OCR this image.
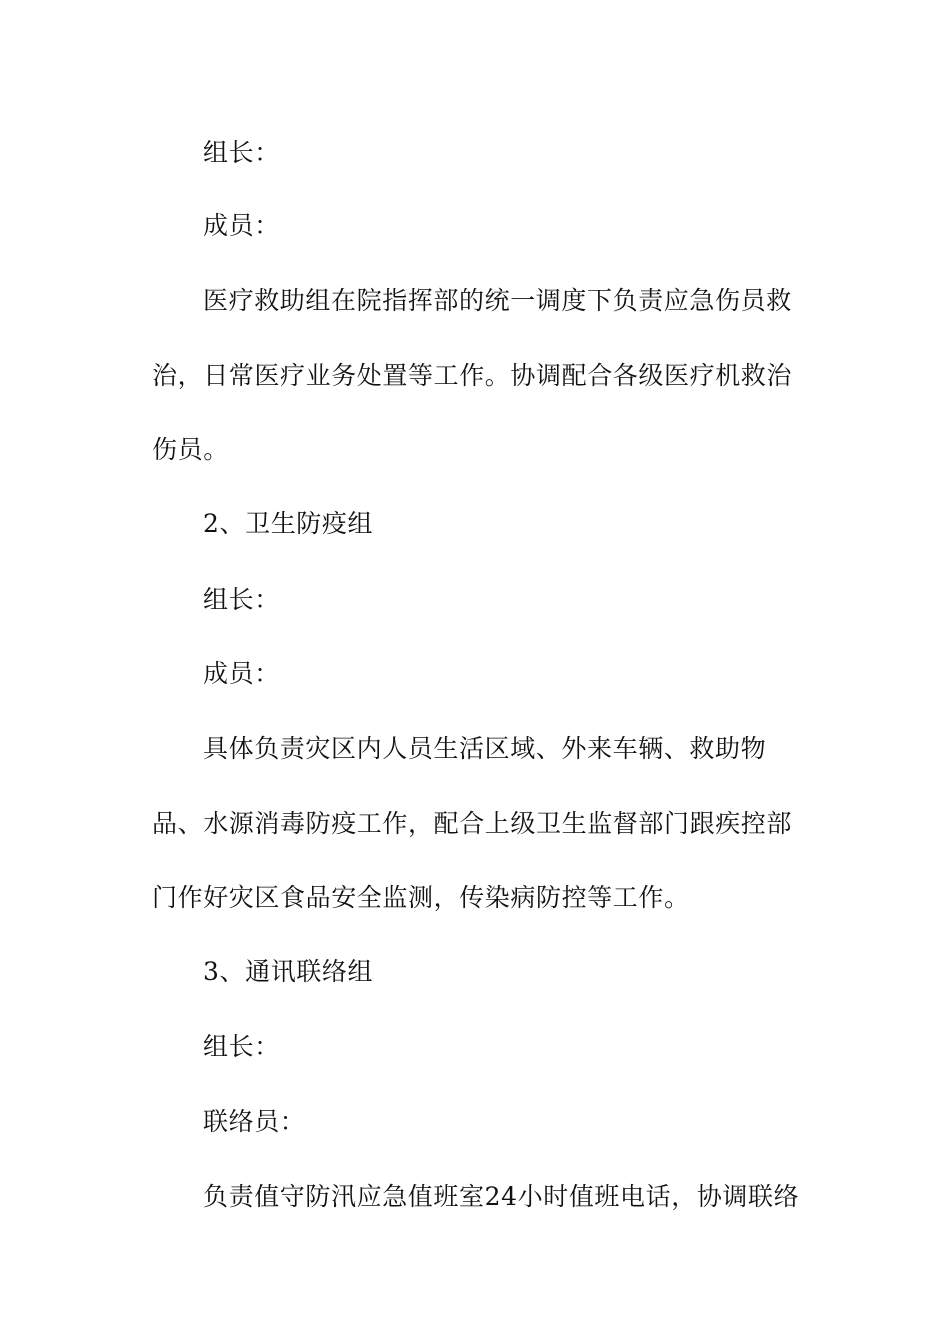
组长：
成员：
医疗救助组在院指挥部的统一调度下负责应急伤员救
治，日常医疗业务处置等工作。协调配合各级医疗机救治
伤员。
2、卫生防疫组
组长：
成员：
具体负责灾区内人员生活区域、外来车辆、救助物
品、水源消毒防疫工作，配合上级卫生监督部门跟疾控部
门作好灾区食品安全监测，传染病防控等工作。
3、通讯联络组
组长：
联络员：
负责值守防汛应急值班室24小时值班电话，协调联络
